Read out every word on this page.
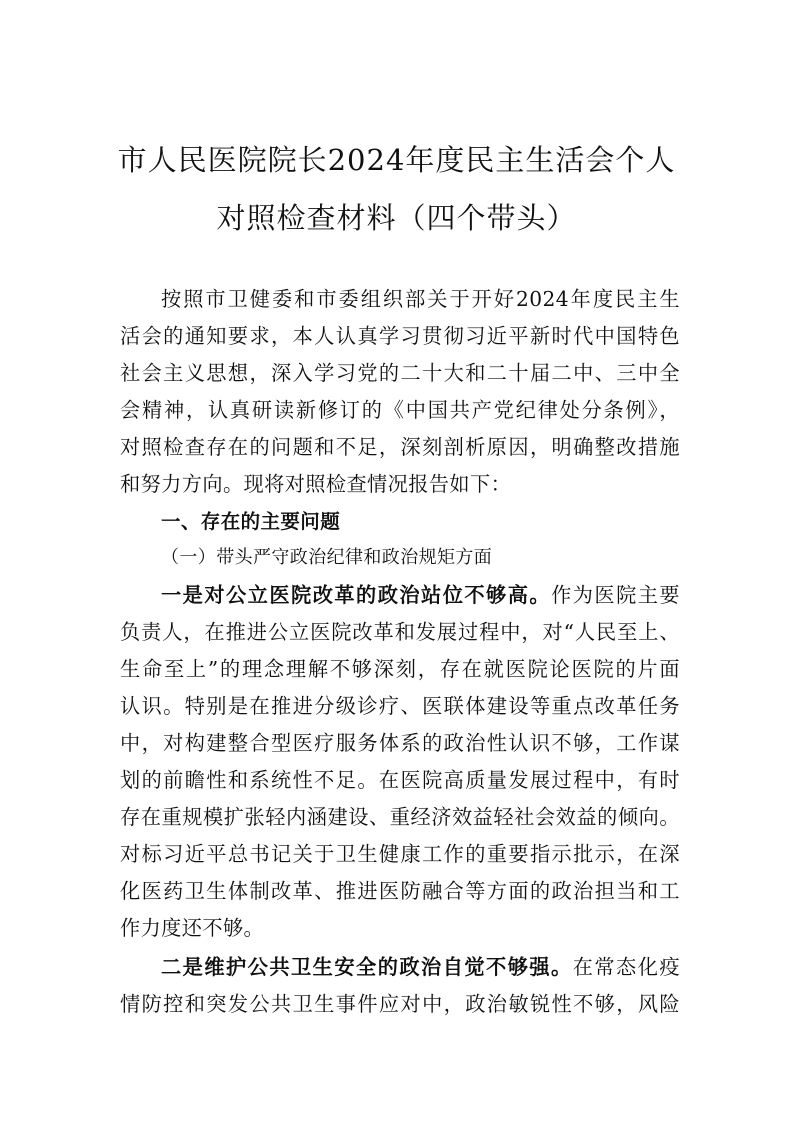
市人民医院院长2024年度民主生活会个人
对照检查材料（四个带头）
按照市卫健委和市委组织部关于开好2024年度民主生
活会的通知要求，本人认真学习贯彻习近平新时代中国特色
社会主义思想，深入学习党的二十大和二十届二中、三中全
会精神，认真研读新修订的《中国共产党纪律处分条例》，
对照检查存在的问题和不足，深刻剖析原因，明确整改措施
和努力方向。现将对照检查情况报告如下：
一、存在的主要问题
（一）带头严守政治纪律和政治规矩方面
一是对公立医院改革的政治站位不够高。作为医院主要
负责人，在推进公立医院改革和发展过程中，对“人民至上、
生命至上”的理念理解不够深刻，存在就医院论医院的片面
认识。特别是在推进分级诊疗、医联体建设等重点改革任务
中，对构建整合型医疗服务体系的政治性认识不够，工作谋
划的前瞻性和系统性不足。在医院高质量发展过程中，有时
存在重规模扩张轻内涵建设、重经济效益轻社会效益的倾向。
对标习近平总书记关于卫生健康工作的重要指示批示，在深
化医药卫生体制改革、推进医防融合等方面的政治担当和工
作力度还不够。
二是维护公共卫生安全的政治自觉不够强。在常态化疫
情防控和突发公共卫生事件应对中，政治敏锐性不够，风险
